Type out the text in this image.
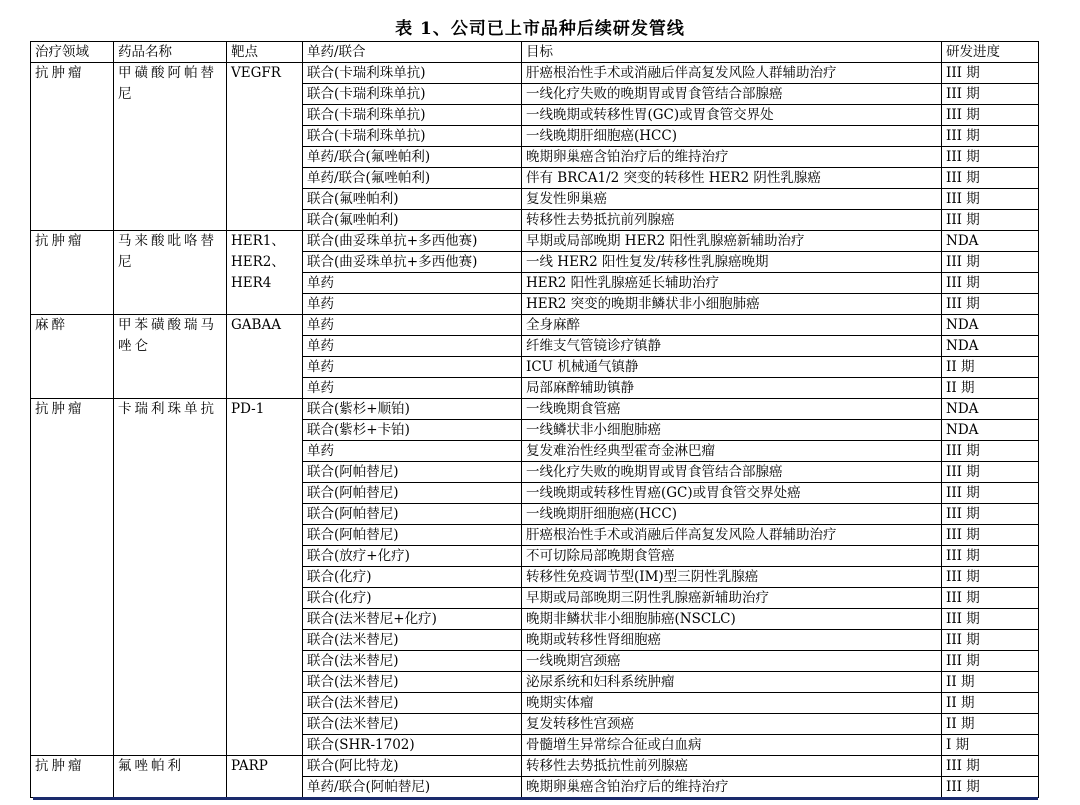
表 1、公司已上市品种后续研发管线
治疗领域	药品名称	靶点	单药/联合	目标	研发进度
抗肿瘤	甲磺酸阿帕替尼	VEGFR	联合(卡瑞利珠单抗)	肝癌根治性手术或消融后伴高复发风险人群辅助治疗	III 期
			联合(卡瑞利珠单抗)	一线化疗失败的晚期胃或胃食管结合部腺癌	III 期
			联合(卡瑞利珠单抗)	一线晚期或转移性胃(GC)或胃食管交界处	III 期
			联合(卡瑞利珠单抗)	一线晚期肝细胞癌(HCC)	III 期
			单药/联合(氟唑帕利)	晚期卵巢癌含铂治疗后的维持治疗	III 期
			单药/联合(氟唑帕利)	伴有 BRCA1/2 突变的转移性 HER2 阴性乳腺癌	III 期
			联合(氟唑帕利)	复发性卵巢癌	III 期
			联合(氟唑帕利)	转移性去势抵抗前列腺癌	III 期
抗肿瘤	马来酸吡咯替尼	HER1、HER2、HER4	联合(曲妥珠单抗+多西他赛)	早期或局部晚期 HER2 阳性乳腺癌新辅助治疗	NDA
			联合(曲妥珠单抗+多西他赛)	一线 HER2 阳性复发/转移性乳腺癌晚期	III 期
			单药	HER2 阳性乳腺癌延长辅助治疗	III 期
			单药	HER2 突变的晚期非鳞状非小细胞肺癌	III 期
麻醉	甲苯磺酸瑞马唑仑	GABAA	单药	全身麻醉	NDA
			单药	纤维支气管镜诊疗镇静	NDA
			单药	ICU 机械通气镇静	II 期
			单药	局部麻醉辅助镇静	II 期
抗肿瘤	卡瑞利珠单抗	PD-1	联合(紫杉+顺铂)	一线晚期食管癌	NDA
			联合(紫杉+卡铂)	一线鳞状非小细胞肺癌	NDA
			单药	复发难治性经典型霍奇金淋巴瘤	III 期
			联合(阿帕替尼)	一线化疗失败的晚期胃或胃食管结合部腺癌	III 期
			联合(阿帕替尼)	一线晚期或转移性胃癌(GC)或胃食管交界处癌	III 期
			联合(阿帕替尼)	一线晚期肝细胞癌(HCC)	III 期
			联合(阿帕替尼)	肝癌根治性手术或消融后伴高复发风险人群辅助治疗	III 期
			联合(放疗+化疗)	不可切除局部晚期食管癌	III 期
			联合(化疗)	转移性免疫调节型(IM)型三阴性乳腺癌	III 期
			联合(化疗)	早期或局部晚期三阴性乳腺癌新辅助治疗	III 期
			联合(法米替尼+化疗)	晚期非鳞状非小细胞肺癌(NSCLC)	III 期
			联合(法米替尼)	晚期或转移性肾细胞癌	III 期
			联合(法米替尼)	一线晚期宫颈癌	III 期
			联合(法米替尼)	泌尿系统和妇科系统肿瘤	II 期
			联合(法米替尼)	晚期实体瘤	II 期
			联合(法米替尼)	复发转移性宫颈癌	II 期
			联合(SHR-1702)	骨髓增生异常综合征或白血病	I 期
抗肿瘤	氟唑帕利	PARP	联合(阿比特龙)	转移性去势抵抗性前列腺癌	III 期
			单药/联合(阿帕替尼)	晚期卵巢癌含铂治疗后的维持治疗	III 期
